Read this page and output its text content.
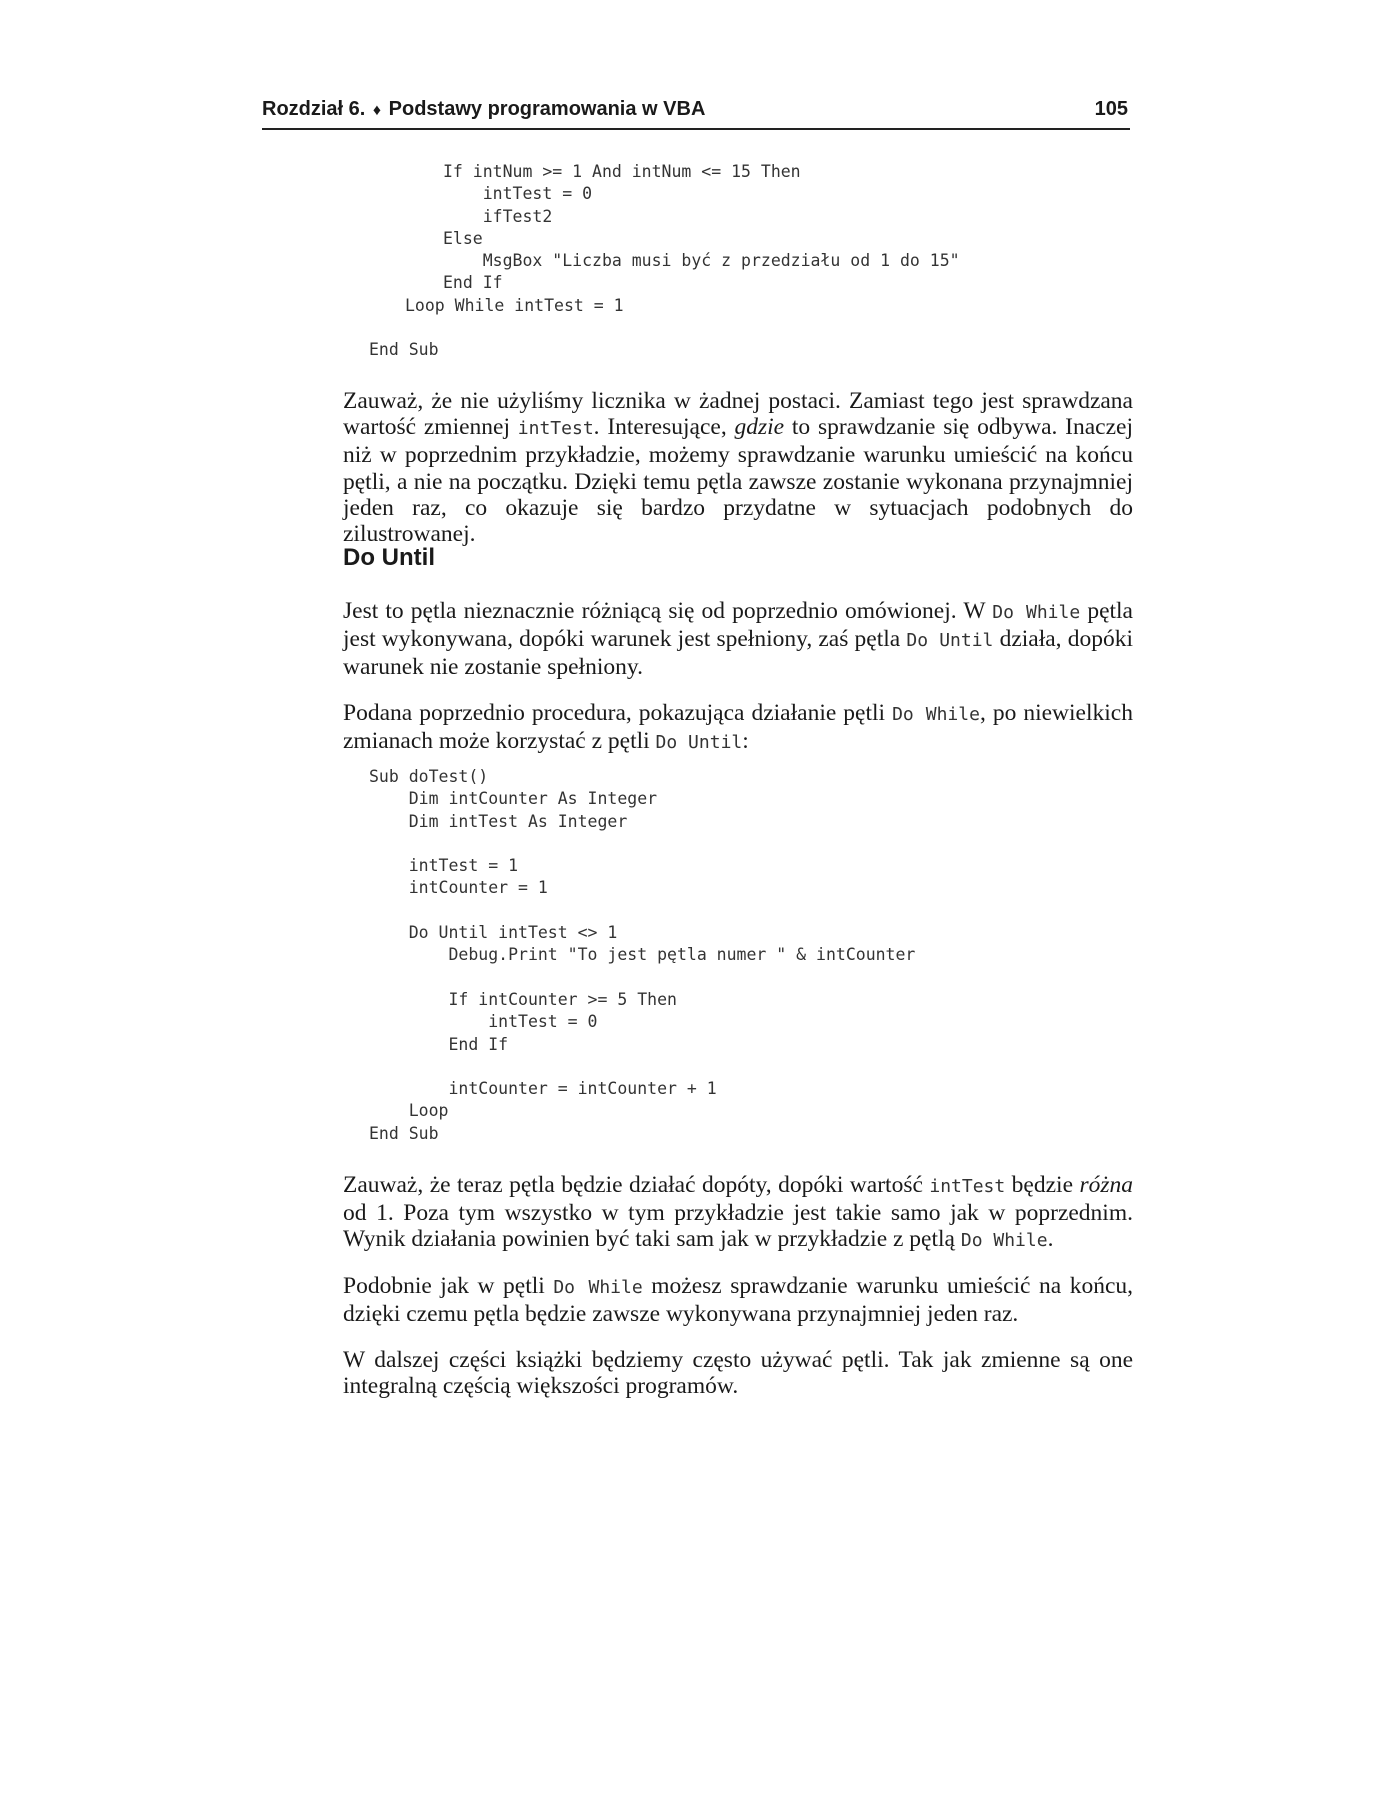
Rozdział 6. ♦ Podstawy programowania w VBA	105
If intNum >= 1 And intNum <= 15 Then
intTest = 0
ifTest2
Else
MsgBox "Liczba musi być z przedziału od 1 do 15"
End If
Loop While intTest = 1
End Sub

Zauważ, że nie użyliśmy licznika w żadnej postaci. Zamiast tego jest sprawdzana wartość zmiennej intTest. Interesujące, gdzie to sprawdzanie się odbywa. Inaczej niż w poprzednim przykładzie, możemy sprawdzanie warunku umieścić na końcu pętli, a nie na początku. Dzięki temu pętla zawsze zostanie wykonana przynajmniej jeden raz, co okazuje się bardzo przydatne w sytuacjach podobnych do zilustrowanej.

Do Until

Jest to pętla nieznacznie różniącą się od poprzednio omówionej. W Do While pętla jest wykonywana, dopóki warunek jest spełniony, zaś pętla Do Until działa, dopóki warunek nie zostanie spełniony.

Podana poprzednio procedura, pokazująca działanie pętli Do While, po niewielkich zmianach może korzystać z pętli Do Until:

Sub doTest()
Dim intCounter As Integer
Dim intTest As Integer

intTest = 1
intCounter = 1

Do Until intTest <> 1
Debug.Print "To jest pętla numer " & intCounter

If intCounter >= 5 Then
intTest = 0
End If

intCounter = intCounter + 1
Loop
End Sub

Zauważ, że teraz pętla będzie działać dopóty, dopóki wartość intTest będzie różna od 1. Poza tym wszystko w tym przykładzie jest takie samo jak w poprzednim. Wynik działania powinien być taki sam jak w przykładzie z pętlą Do While.

Podobnie jak w pętli Do While możesz sprawdzanie warunku umieścić na końcu, dzięki czemu pętla będzie zawsze wykonywana przynajmniej jeden raz.

W dalszej części książki będziemy często używać pętli. Tak jak zmienne są one integralną częścią większości programów.
